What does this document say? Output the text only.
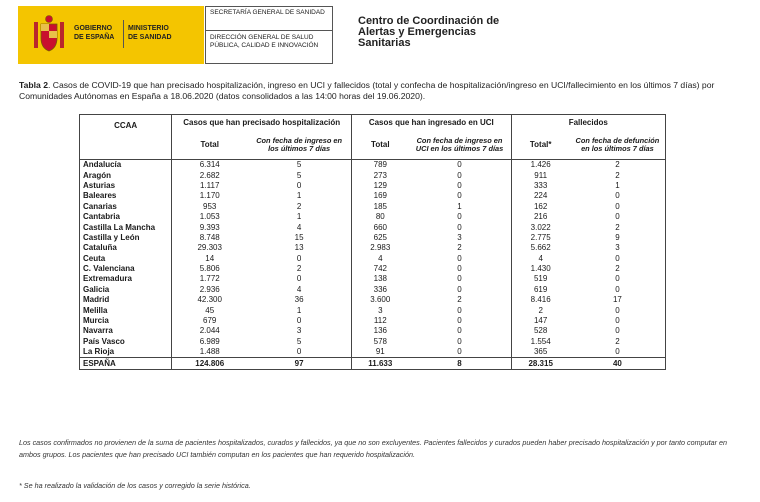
GOBIERNO
DE ESPAÑA
MINISTERIO
DE SANIDAD
SECRETARÍA GENERAL DE SANIDAD
DIRECCIÓN GENERAL DE SALUD PÚBLICA, CALIDAD E INNOVACIÓN
Centro de Coordinación de
Alertas y Emergencias
Sanitarias
Tabla 2. Casos de COVID-19 que han precisado hospitalización, ingreso en UCI y fallecidos (total y confecha de hospitalización/ingreso en UCI/fallecimiento en los últimos 7 días) por Comunidades Autónomas en España a 18.06.2020 (datos consolidados a las 14:00 horas del 19.06.2020).
CCAA	Casos que han precisado hospitalización		Casos que han ingresado en UCI		Fallecidos	
	Total	Con fecha de ingreso en los últimos 7 días	Total	Con fecha de ingreso en UCI en los últimos 7 días	Total*	Con fecha de defunción en los últimos 7 días
Andalucía	6.314	5	789	0	1.426	2
Aragón	2.682	5	273	0	911	2
Asturias	1.117	0	129	0	333	1
Baleares	1.170	1	169	0	224	0
Canarias	953	2	185	1	162	0
Cantabria	1.053	1	80	0	216	0
Castilla La Mancha	9.393	4	660	0	3.022	2
Castilla y León	8.748	15	625	3	2.775	9
Cataluña	29.303	13	2.983	2	5.662	3
Ceuta	14	0	4	0	4	0
C. Valenciana	5.806	2	742	0	1.430	2
Extremadura	1.772	0	138	0	519	0
Galicia	2.936	4	336	0	619	0
Madrid	42.300	36	3.600	2	8.416	17
Melilla	45	1	3	0	2	0
Murcia	679	0	112	0	147	0
Navarra	2.044	3	136	0	528	0
País Vasco	6.989	5	578	0	1.554	2
La Rioja	1.488	0	91	0	365	0
ESPAÑA	124.806	97	11.633	8	28.315	40
Los casos confirmados no provienen de la suma de pacientes hospitalizados, curados y fallecidos, ya que no son excluyentes. Pacientes fallecidos y curados pueden haber precisado hospitalización y por tanto computar en ambos grupos. Los pacientes que han precisado UCI también computan en los pacientes que han requerido hospitalización.
* Se ha realizado la validación de los casos y corregido la serie histórica.
